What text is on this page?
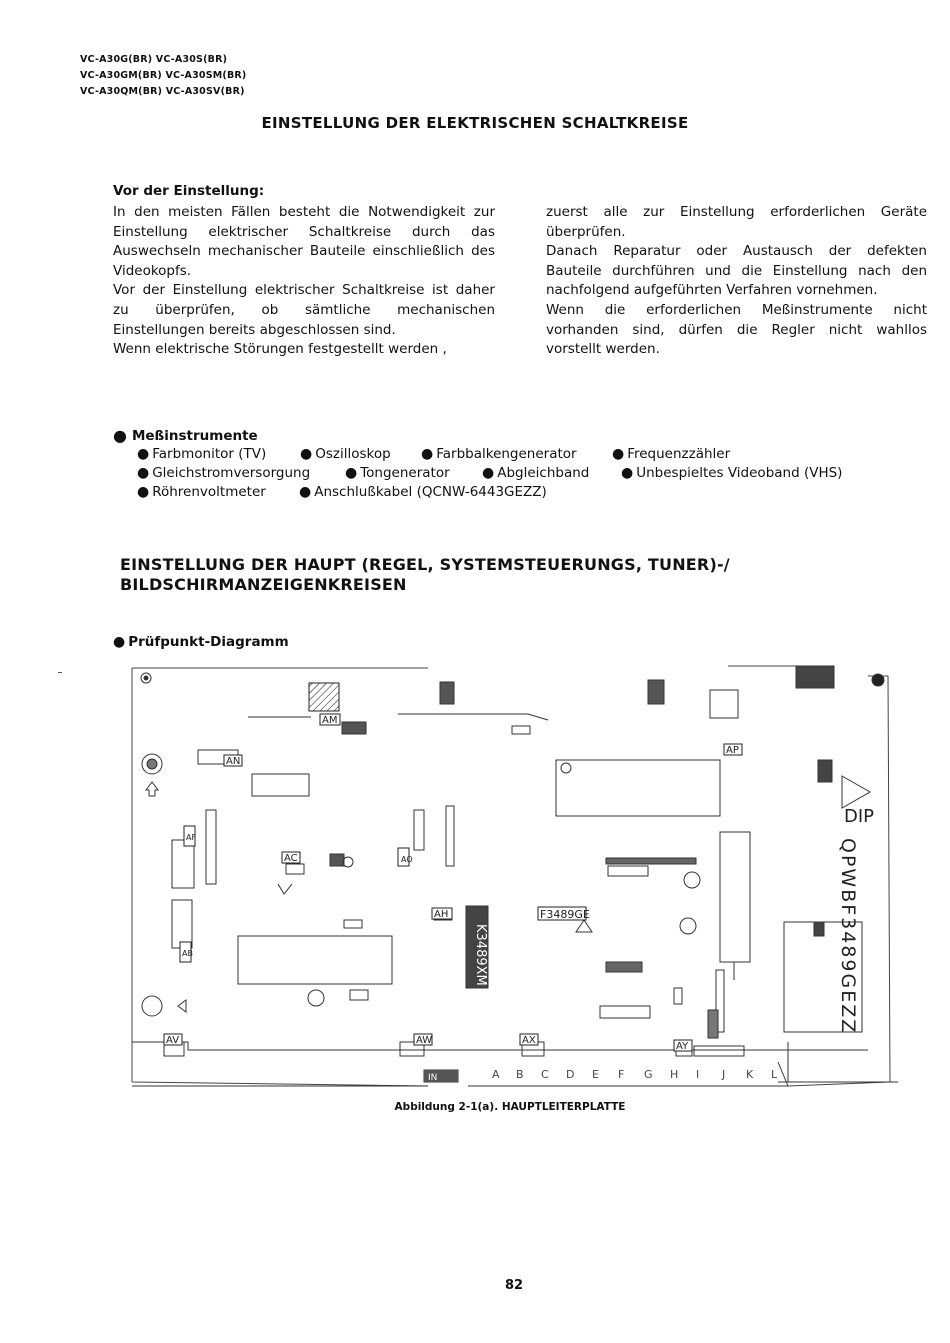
VC-A30G(BR) VC-A30S(BR)
VC-A30GM(BR) VC-A30SM(BR)
VC-A30QM(BR) VC-A30SV(BR)
EINSTELLUNG DER ELEKTRISCHEN SCHALTKREISE
Vor der Einstellung:

In den meisten Fällen besteht die Notwendigkeit zur Einstellung elektrischer Schaltkreise durch das Auswechseln mechanischer Bauteile einschließlich des Videokopfs.

Vor der Einstellung elektrischer Schaltkreise ist daher zu überprüfen, ob sämtliche mechanischen Einstellungen bereits abgeschlossen sind.

Wenn elektrische Störungen festgestellt werden ,

zuerst alle zur Einstellung erforderlichen Geräte überprüfen.

Danach Reparatur oder Austausch der defekten Bauteile durchführen und die Einstellung nach den nachfolgend aufgeführten Verfahren vornehmen.

Wenn die erforderlichen Meßinstrumente nicht vorhanden sind, dürfen die Regler nicht wahllos vorstellt werden.

● Meßinstrumente
● Farbmonitor (TV) ● Oszilloskop ● Farbbalkengenerator	● Frequenzzähler
● Gleichstromversorgung ● Tongenerator ● Abgleichband ● Unbespieltes Videoband (VHS)
● Röhrenvoltmeter ● Anschlußkabel (QCNW-6443GEZZ)
EINSTELLUNG DER HAUPT (REGEL, SYSTEMSTEUERUNGS, TUNER)-/
BILDSCHIRMANZEIGENKREISEN
● Prüfpunkt-Diagramm
AM
AN
AP
AO
AF
AC
AB
AH
AV	AW	AX
AY
F3489GE
K3489XM
DIP
QPWBF3489GEZZ
IN	A B C D E F G H I J K L
Abbildung 2-1(a). HAUPTLEITERPLATTE
82
